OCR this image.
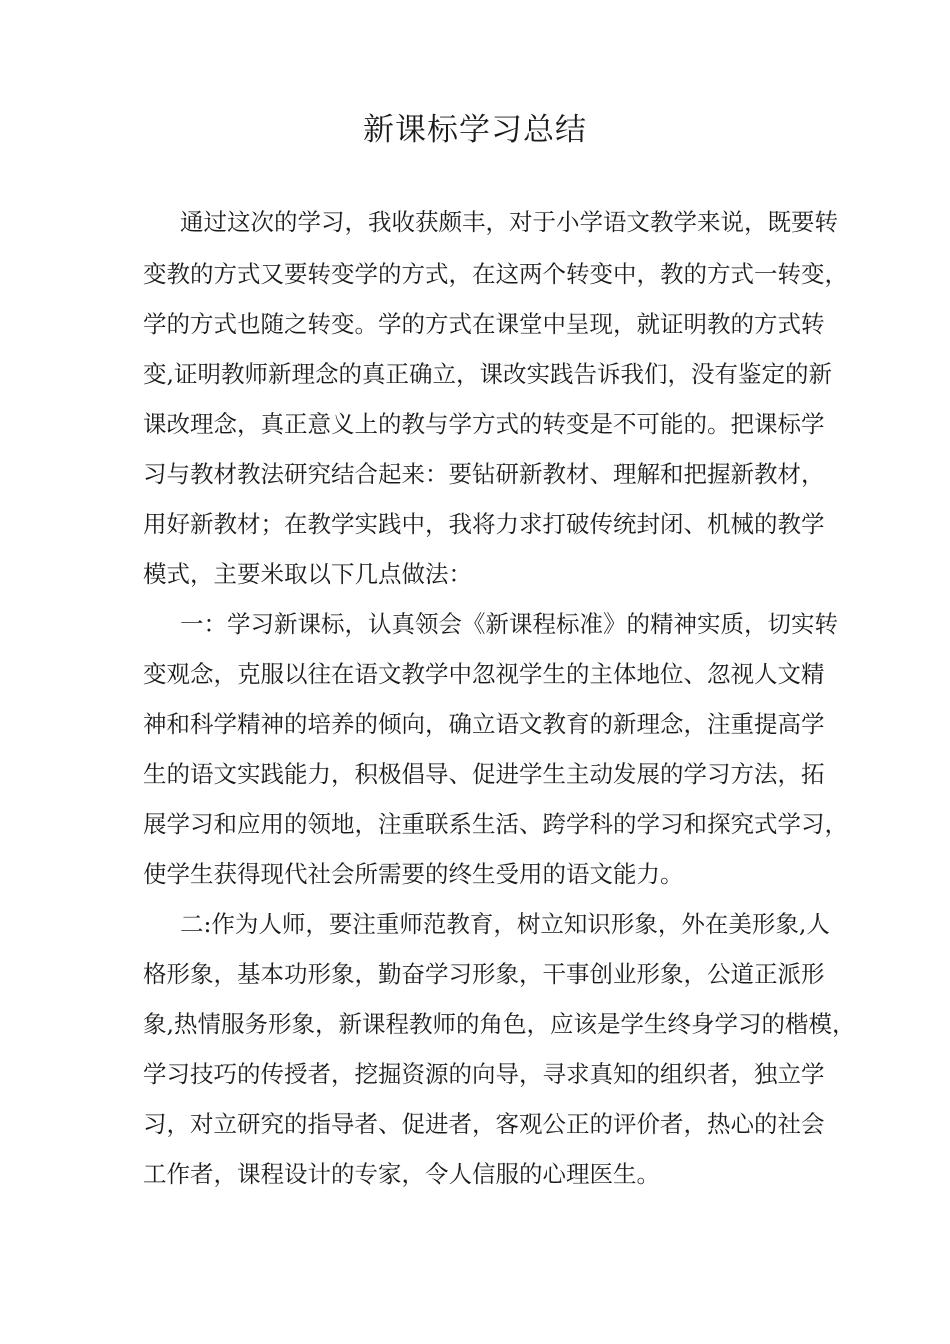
新课标学习总结
通过这次的学习，我收获颇丰，对于小学语文教学来说，既要转
变教的方式又要转变学的方式，在这两个转变中，教的方式一转变，
学的方式也随之转变。学的方式在课堂中呈现，就证明教的方式转
变,证明教师新理念的真正确立，课改实践告诉我们，没有鉴定的新
课改理念，真正意义上的教与学方式的转变是不可能的。把课标学
习与教材教法研究结合起来：要钻研新教材、理解和把握新教材，
用好新教材；在教学实践中，我将力求打破传统封闭、机械的教学
模式，主要米取以下几点做法：
一：学习新课标，认真领会《新课程标准》的精神实质，切实转
变观念，克服以往在语文教学中忽视学生的主体地位、忽视人文精
神和科学精神的培养的倾向，确立语文教育的新理念，注重提高学
生的语文实践能力，积极倡导、促进学生主动发展的学习方法，拓
展学习和应用的领地，注重联系生活、跨学科的学习和探究式学习，
使学生获得现代社会所需要的终生受用的语文能力。
二:作为人师，要注重师范教育，树立知识形象，外在美形象,人
格形象，基本功形象，勤奋学习形象，干事创业形象，公道正派形
象,热情服务形象，新课程教师的角色，应该是学生终身学习的楷模，
学习技巧的传授者，挖掘资源的向导，寻求真知的组织者，独立学
习，对立研究的指导者、促进者，客观公正的评价者，热心的社会
工作者，课程设计的专家，令人信服的心理医生。
